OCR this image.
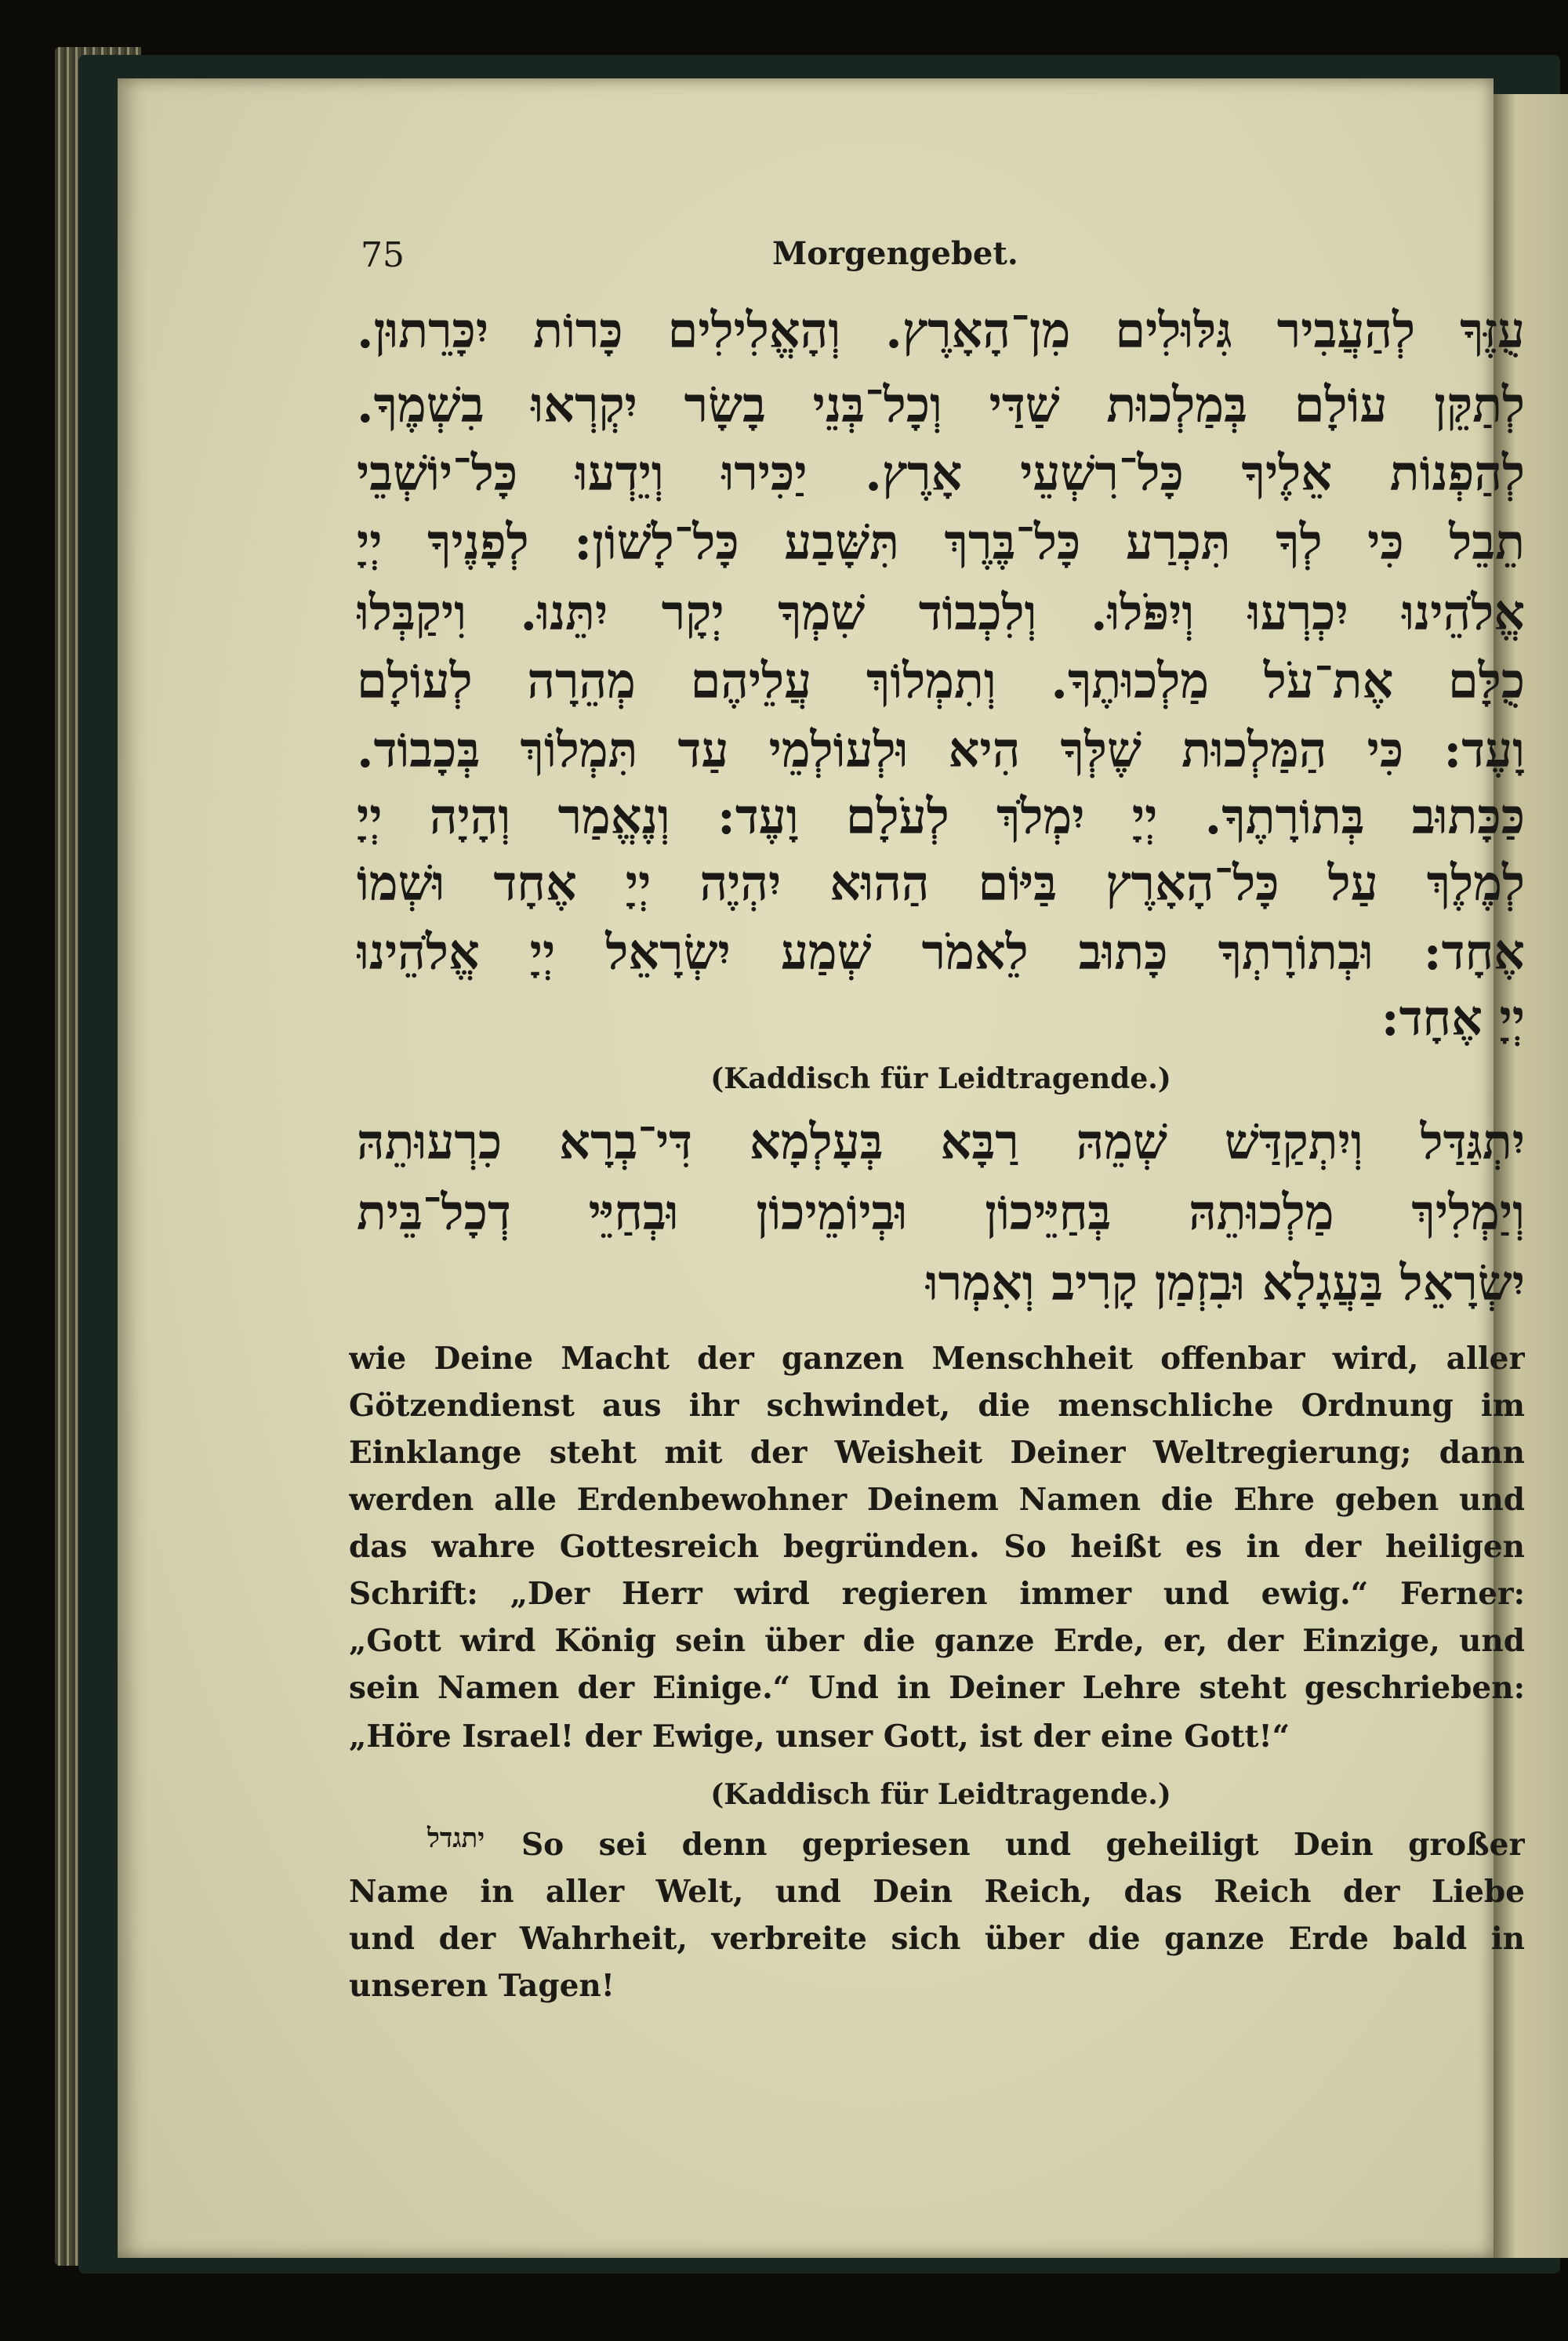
75	Morgengebet.
עֻזֶּךָ לְהַעֲבִיר גִּלּוּלִים מִן־הָאָרֶץ. וְהָאֱלִילִים כָּרוֹת יִכָּרֵתוּן.
לְתַקֵּן עוֹלָם בְּמַלְכוּת שַׁדַּי וְכָל־בְּנֵי בָשָׂר יִקְרְאוּ בִשְׁמֶךָ.
לְהַפְנוֹת אֵלֶיךָ כָּל־רִשְׁעֵי אָרֶץ. יַכִּירוּ וְיֵדְעוּ כָּל־יוֹשְׁבֵי
תֵבֵל כִּי לְךָ תִּכְרַע כָּל־בֶּרֶךְ תִּשָּׁבַע כָּל־לָשׁוֹן: לְפָנֶיךָ יְיָ
אֱלֹהֵינוּ יִכְרְעוּ וְיִפֹּלוּ. וְלִכְבוֹד שִׁמְךָ יְקָר יִתֵּנוּ. וִיקַבְּלוּ
כֻלָּם אֶת־עֹל מַלְכוּתֶךָ. וְתִמְלוֹךְ עֲלֵיהֶם מְהֵרָה לְעוֹלָם
וָעֶד: כִּי הַמַּלְכוּת שֶׁלְּךָ הִיא וּלְעוֹלְמֵי עַד תִּמְלוֹךְ בְּכָבוֹד.
כַּכָּתוּב בְּתוֹרָתֶךָ. יְיָ יִמְלֹךְ לְעֹלָם וָעֶד: וְנֶאֱמַר וְהָיָה יְיָ
לְמֶלֶךְ עַל כָּל־הָאָרֶץ בַּיּוֹם הַהוּא יִהְיֶה יְיָ אֶחָד וּשְׁמוֹ
אֶחָד: וּבְתוֹרָתְךָ כָּתוּב לֵאמֹר שְׁמַע יִשְׂרָאֵל יְיָ אֱלֹהֵינוּ
יְיָ אֶחָד:
(Kaddisch für Leidtragende.)
יִתְגַּדַּל וְיִתְקַדַּשׁ שְׁמֵהּ רַבָּא בְּעָלְמָא דִּי־בְרָא כִרְעוּתֵהּ
וְיַמְלִיךְ מַלְכוּתֵהּ בְּחַיֵּיכוֹן וּבְיוֹמֵיכוֹן וּבְחַיֵּי דְכָל־בֵּית
יִשְׂרָאֵל בַּעֲגָלָא וּבִזְמַן קָרִיב וְאִמְרוּ
wie Deine Macht der ganzen Menschheit offenbar wird, aller
Götzendienst aus ihr schwindet, die menschliche Ordnung im
Einklange steht mit der Weisheit Deiner Weltregierung; dann
werden alle Erdenbewohner Deinem Namen die Ehre geben und
das wahre Gottesreich begründen. So heißt es in der heiligen
Schrift: „Der Herr wird regieren immer und ewig.“ Ferner:
„Gott wird König sein über die ganze Erde, er, der Einzige, und
sein Namen der Einige.“ Und in Deiner Lehre steht geschrieben:
„Höre Israel! der Ewige, unser Gott, ist der eine Gott!“
(Kaddisch für Leidtragende.)
יתגדל So sei denn gepriesen und geheiligt Dein großer
Name in aller Welt, und Dein Reich, das Reich der Liebe
und der Wahrheit, verbreite sich über die ganze Erde bald in
unseren Tagen!
